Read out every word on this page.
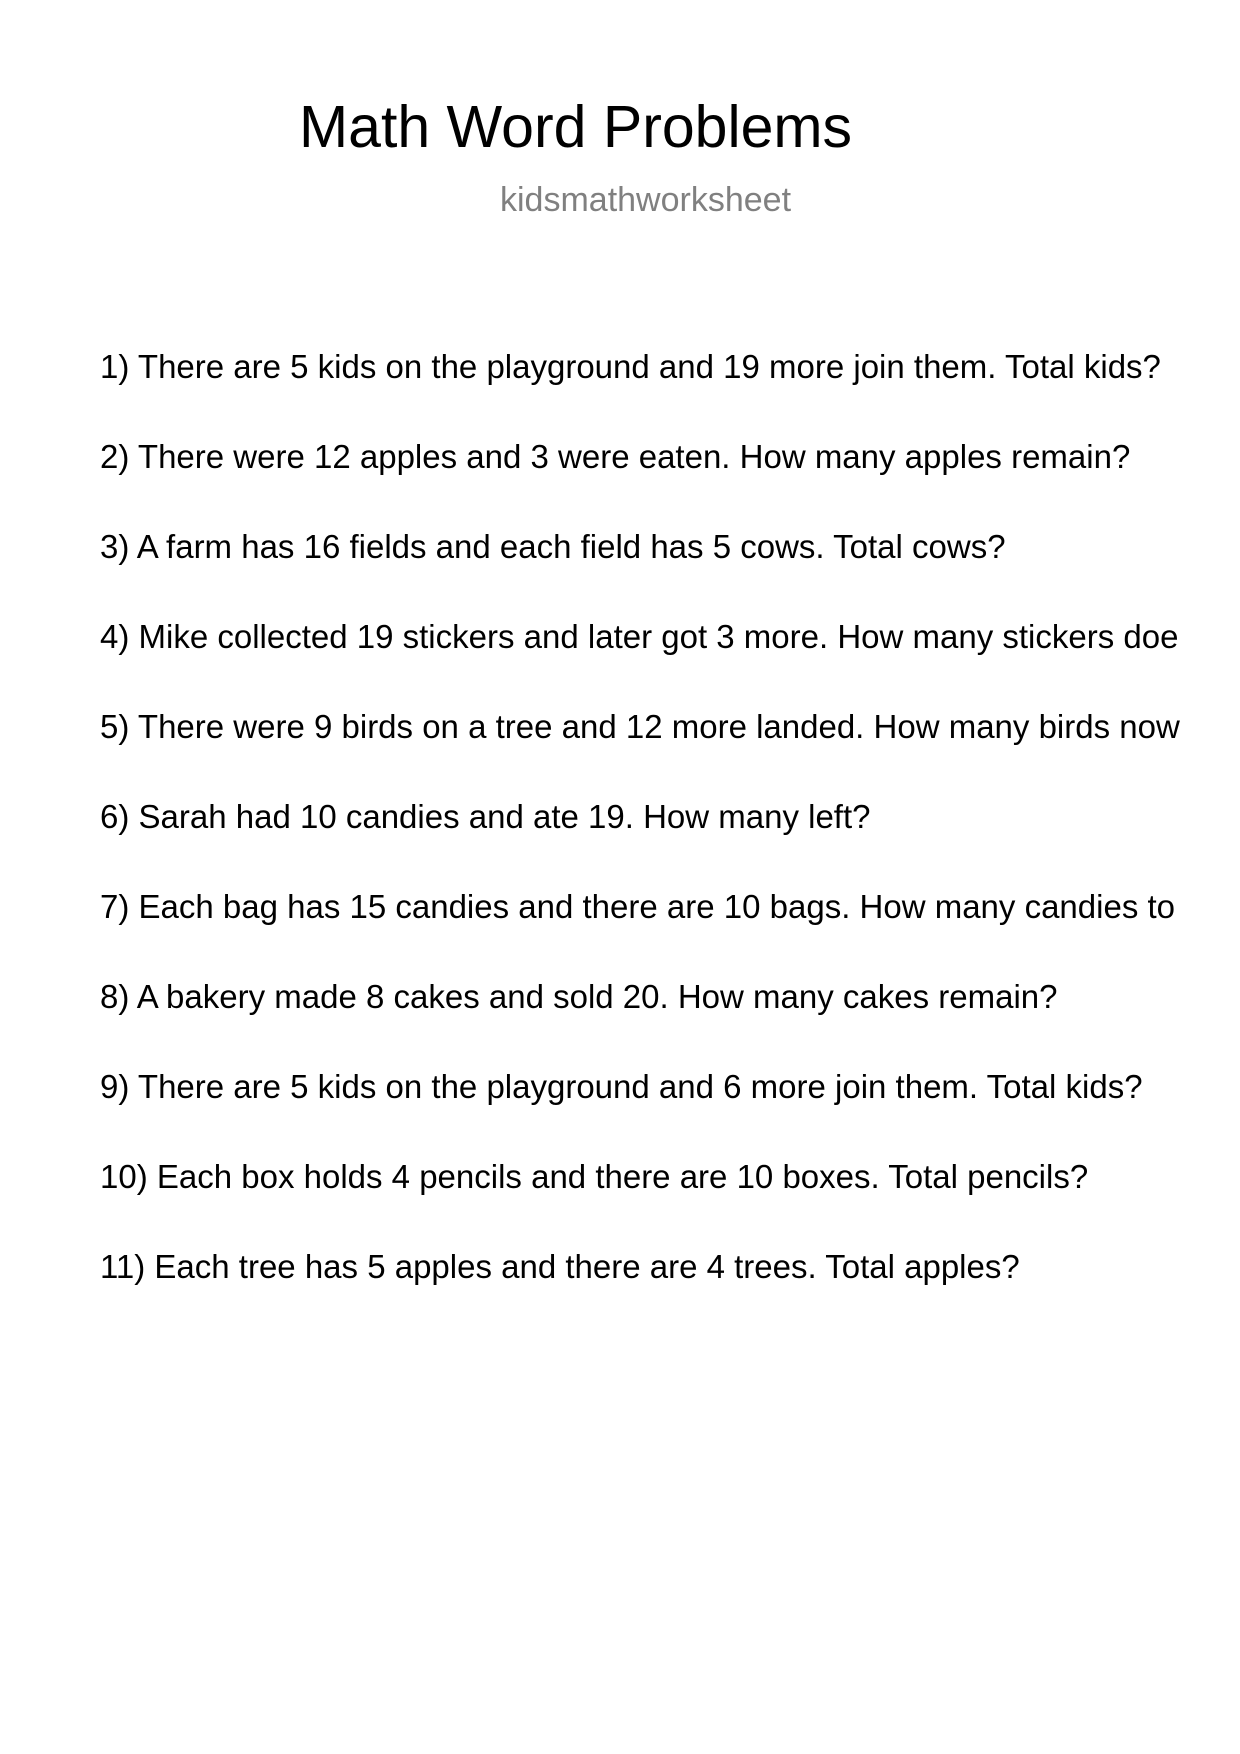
Math Word Problems
kidsmathworksheet
1) There are 5 kids on the playground and 19 more join them. Total kids?
2) There were 12 apples and 3 were eaten. How many apples remain?
3) A farm has 16 fields and each field has 5 cows. Total cows?
4) Mike collected 19 stickers and later got 3 more. How many stickers doe
5) There were 9 birds on a tree and 12 more landed. How many birds now
6) Sarah had 10 candies and ate 19. How many left?
7) Each bag has 15 candies and there are 10 bags. How many candies to
8) A bakery made 8 cakes and sold 20. How many cakes remain?
9) There are 5 kids on the playground and 6 more join them. Total kids?
10) Each box holds 4 pencils and there are 10 boxes. Total pencils?
11) Each tree has 5 apples and there are 4 trees. Total apples?
